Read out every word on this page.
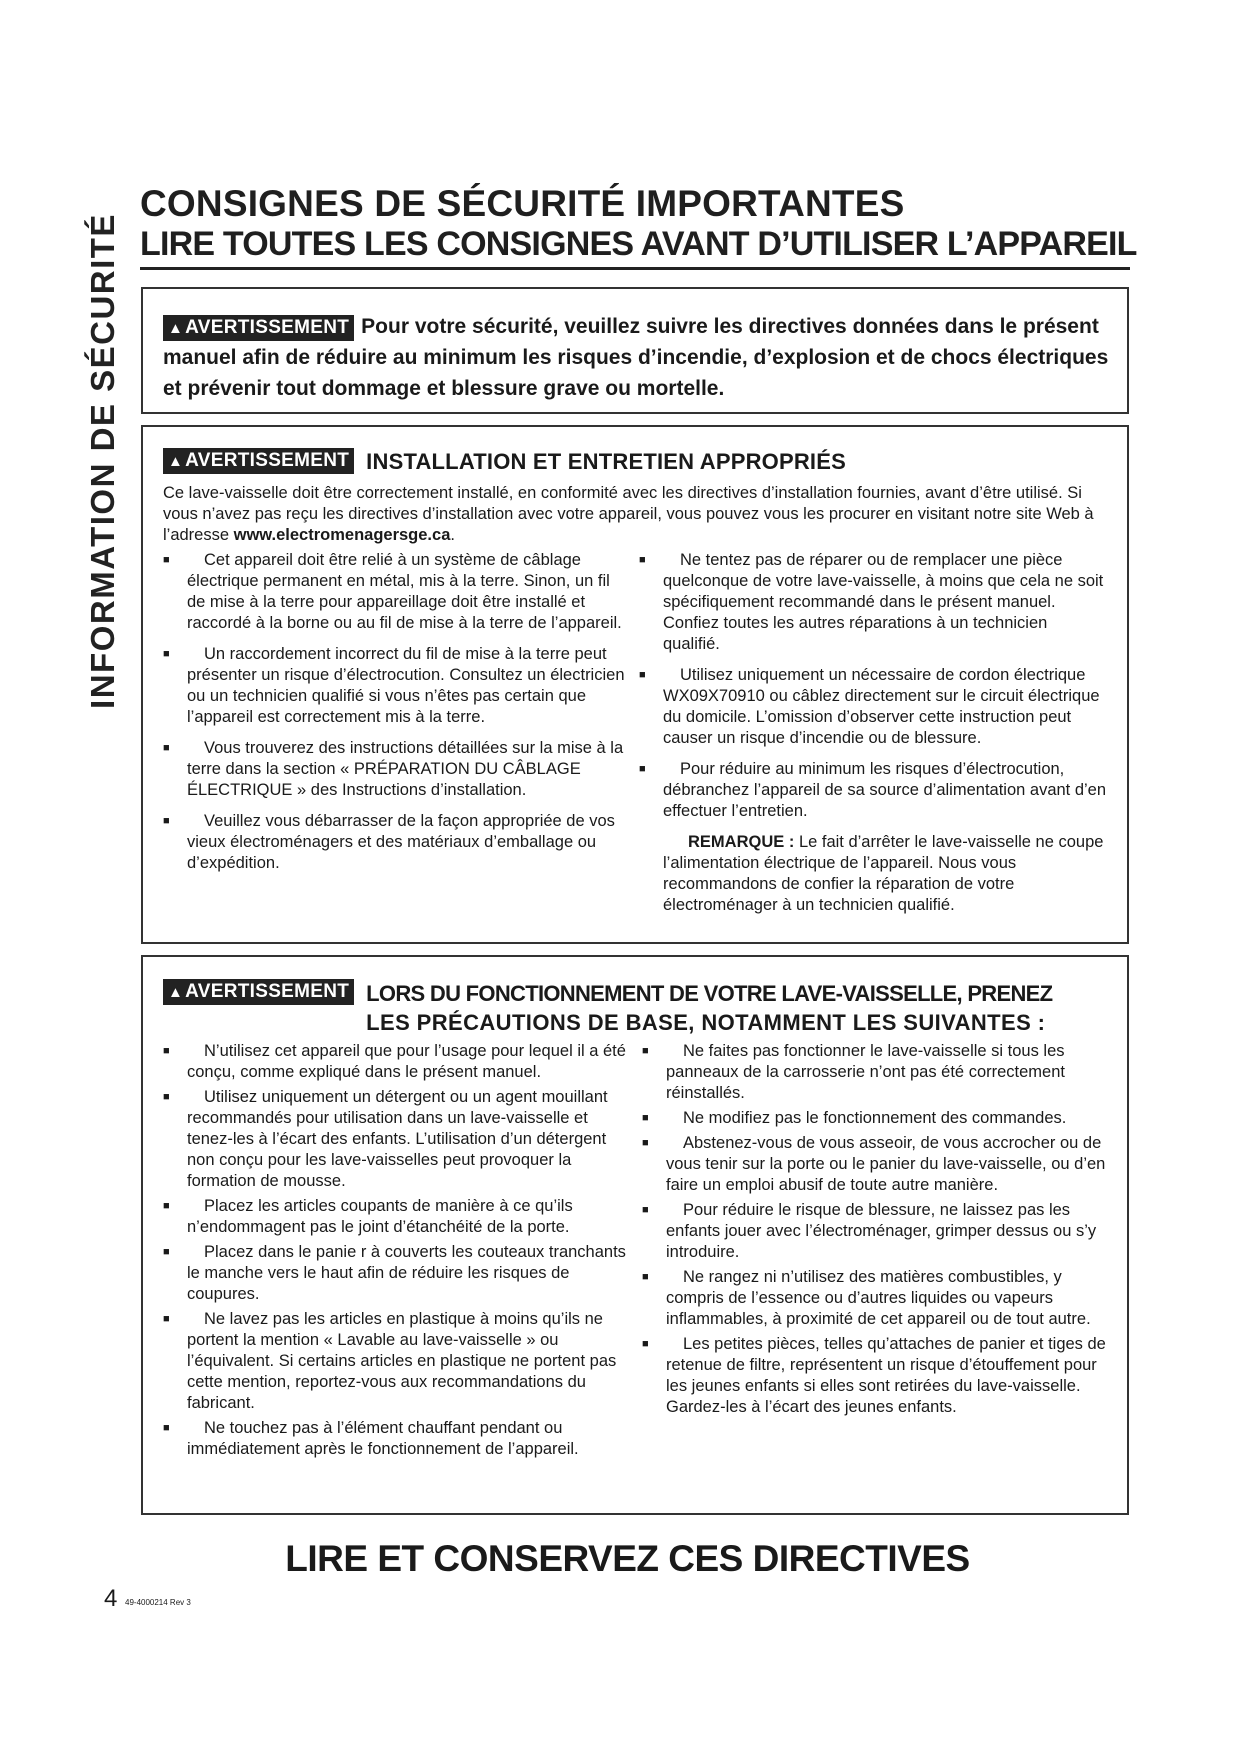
INFORMATION DE SÉCURITÉ
CONSIGNES DE SÉCURITÉ IMPORTANTES
LIRE TOUTES LES CONSIGNES AVANT D’UTILISER L’APPAREIL

▲ AVERTISSEMENT Pour votre sécurité, veuillez suivre les directives données dans le présent manuel afin de réduire au minimum les risques d’incendie, d’explosion et de chocs électriques et prévenir tout dommage et blessure grave ou mortelle.

▲ AVERTISSEMENT INSTALLATION ET ENTRETIEN APPROPRIÉS

Ce lave-vaisselle doit être correctement installé, en conformité avec les directives d’installation fournies, avant d’être utilisé. Si vous n’avez pas reçu les directives d’installation avec votre appareil, vous pouvez vous les procurer en visitant notre site Web à l’adresse www.electromenagersge.ca.

■ Cet appareil doit être relié à un système de câblage électrique permanent en métal, mis à la terre. Sinon, un fil de mise à la terre pour appareillage doit être installé et raccordé à la borne ou au fil de mise à la terre de l’appareil.
■ Un raccordement incorrect du fil de mise à la terre peut présenter un risque d’électrocution. Consultez un électricien ou un technicien qualifié si vous n’êtes pas certain que l’appareil est correctement mis à la terre.
■ Vous trouverez des instructions détaillées sur la mise à la terre dans la section « PRÉPARATION DU CÂBLAGE ÉLECTRIQUE » des Instructions d’installation.
■ Veuillez vous débarrasser de la façon appropriée de vos vieux électroménagers et des matériaux d’emballage ou d’expédition.
■ Ne tentez pas de réparer ou de remplacer une pièce quelconque de votre lave-vaisselle, à moins que cela ne soit spécifiquement recommandé dans le présent manuel. Confiez toutes les autres réparations à un technicien qualifié.
■ Utilisez uniquement un nécessaire de cordon électrique WX09X70910 ou câblez directement sur le circuit électrique du domicile. L’omission d’observer cette instruction peut causer un risque d’incendie ou de blessure.
■ Pour réduire au minimum les risques d’électrocution, débranchez l’appareil de sa source d’alimentation avant d’en effectuer l’entretien.
REMARQUE : Le fait d’arrêter le lave-vaisselle ne coupe l’alimentation électrique de l’appareil. Nous vous recommandons de confier la réparation de votre électroménager à un technicien qualifié.
▲ AVERTISSEMENT LORS DU FONCTIONNEMENT DE VOTRE LAVE-VAISSELLE, PRENEZ
LES PRÉCAUTIONS DE BASE, NOTAMMENT LES SUIVANTES :
■ N’utilisez cet appareil que pour l’usage pour lequel il a été conçu, comme expliqué dans le présent manuel.
■ Utilisez uniquement un détergent ou un agent mouillant recommandés pour utilisation dans un lave-vaisselle et tenez-les à l’écart des enfants. L’utilisation d’un détergent non conçu pour les lave-vaisselles peut provoquer la formation de mousse.
■ Placez les articles coupants de manière à ce qu’ils n’endommagent pas le joint d’étanchéité de la porte.
■ Placez dans le panie r à couverts les couteaux tranchants le manche vers le haut afin de réduire les risques de coupures.
■ Ne lavez pas les articles en plastique à moins qu’ils ne portent la mention « Lavable au lave-vaisselle » ou l’équivalent. Si certains articles en plastique ne portent pas cette mention, reportez-vous aux recommandations du fabricant.
■ Ne touchez pas à l’élément chauffant pendant ou immédiatement après le fonctionnement de l’appareil.
■ Ne faites pas fonctionner le lave-vaisselle si tous les panneaux de la carrosserie n’ont pas été correctement réinstallés.
■ Ne modifiez pas le fonctionnement des commandes.
■ Abstenez-vous de vous asseoir, de vous accrocher ou de vous tenir sur la porte ou le panier du lave-vaisselle, ou d’en faire un emploi abusif de toute autre manière.
■ Pour réduire le risque de blessure, ne laissez pas les enfants jouer avec l’électroménager, grimper dessus ou s’y introduire.
■ Ne rangez ni n’utilisez des matières combustibles, y compris de l’essence ou d’autres liquides ou vapeurs inflammables, à proximité de cet appareil ou de tout autre.
■ Les petites pièces, telles qu’attaches de panier et tiges de retenue de filtre, représentent un risque d’étouffement pour les jeunes enfants si elles sont retirées du lave-vaisselle. Gardez-les à l’écart des jeunes enfants.
LIRE ET CONSERVEZ CES DIRECTIVES
4 49-4000214 Rev 3
